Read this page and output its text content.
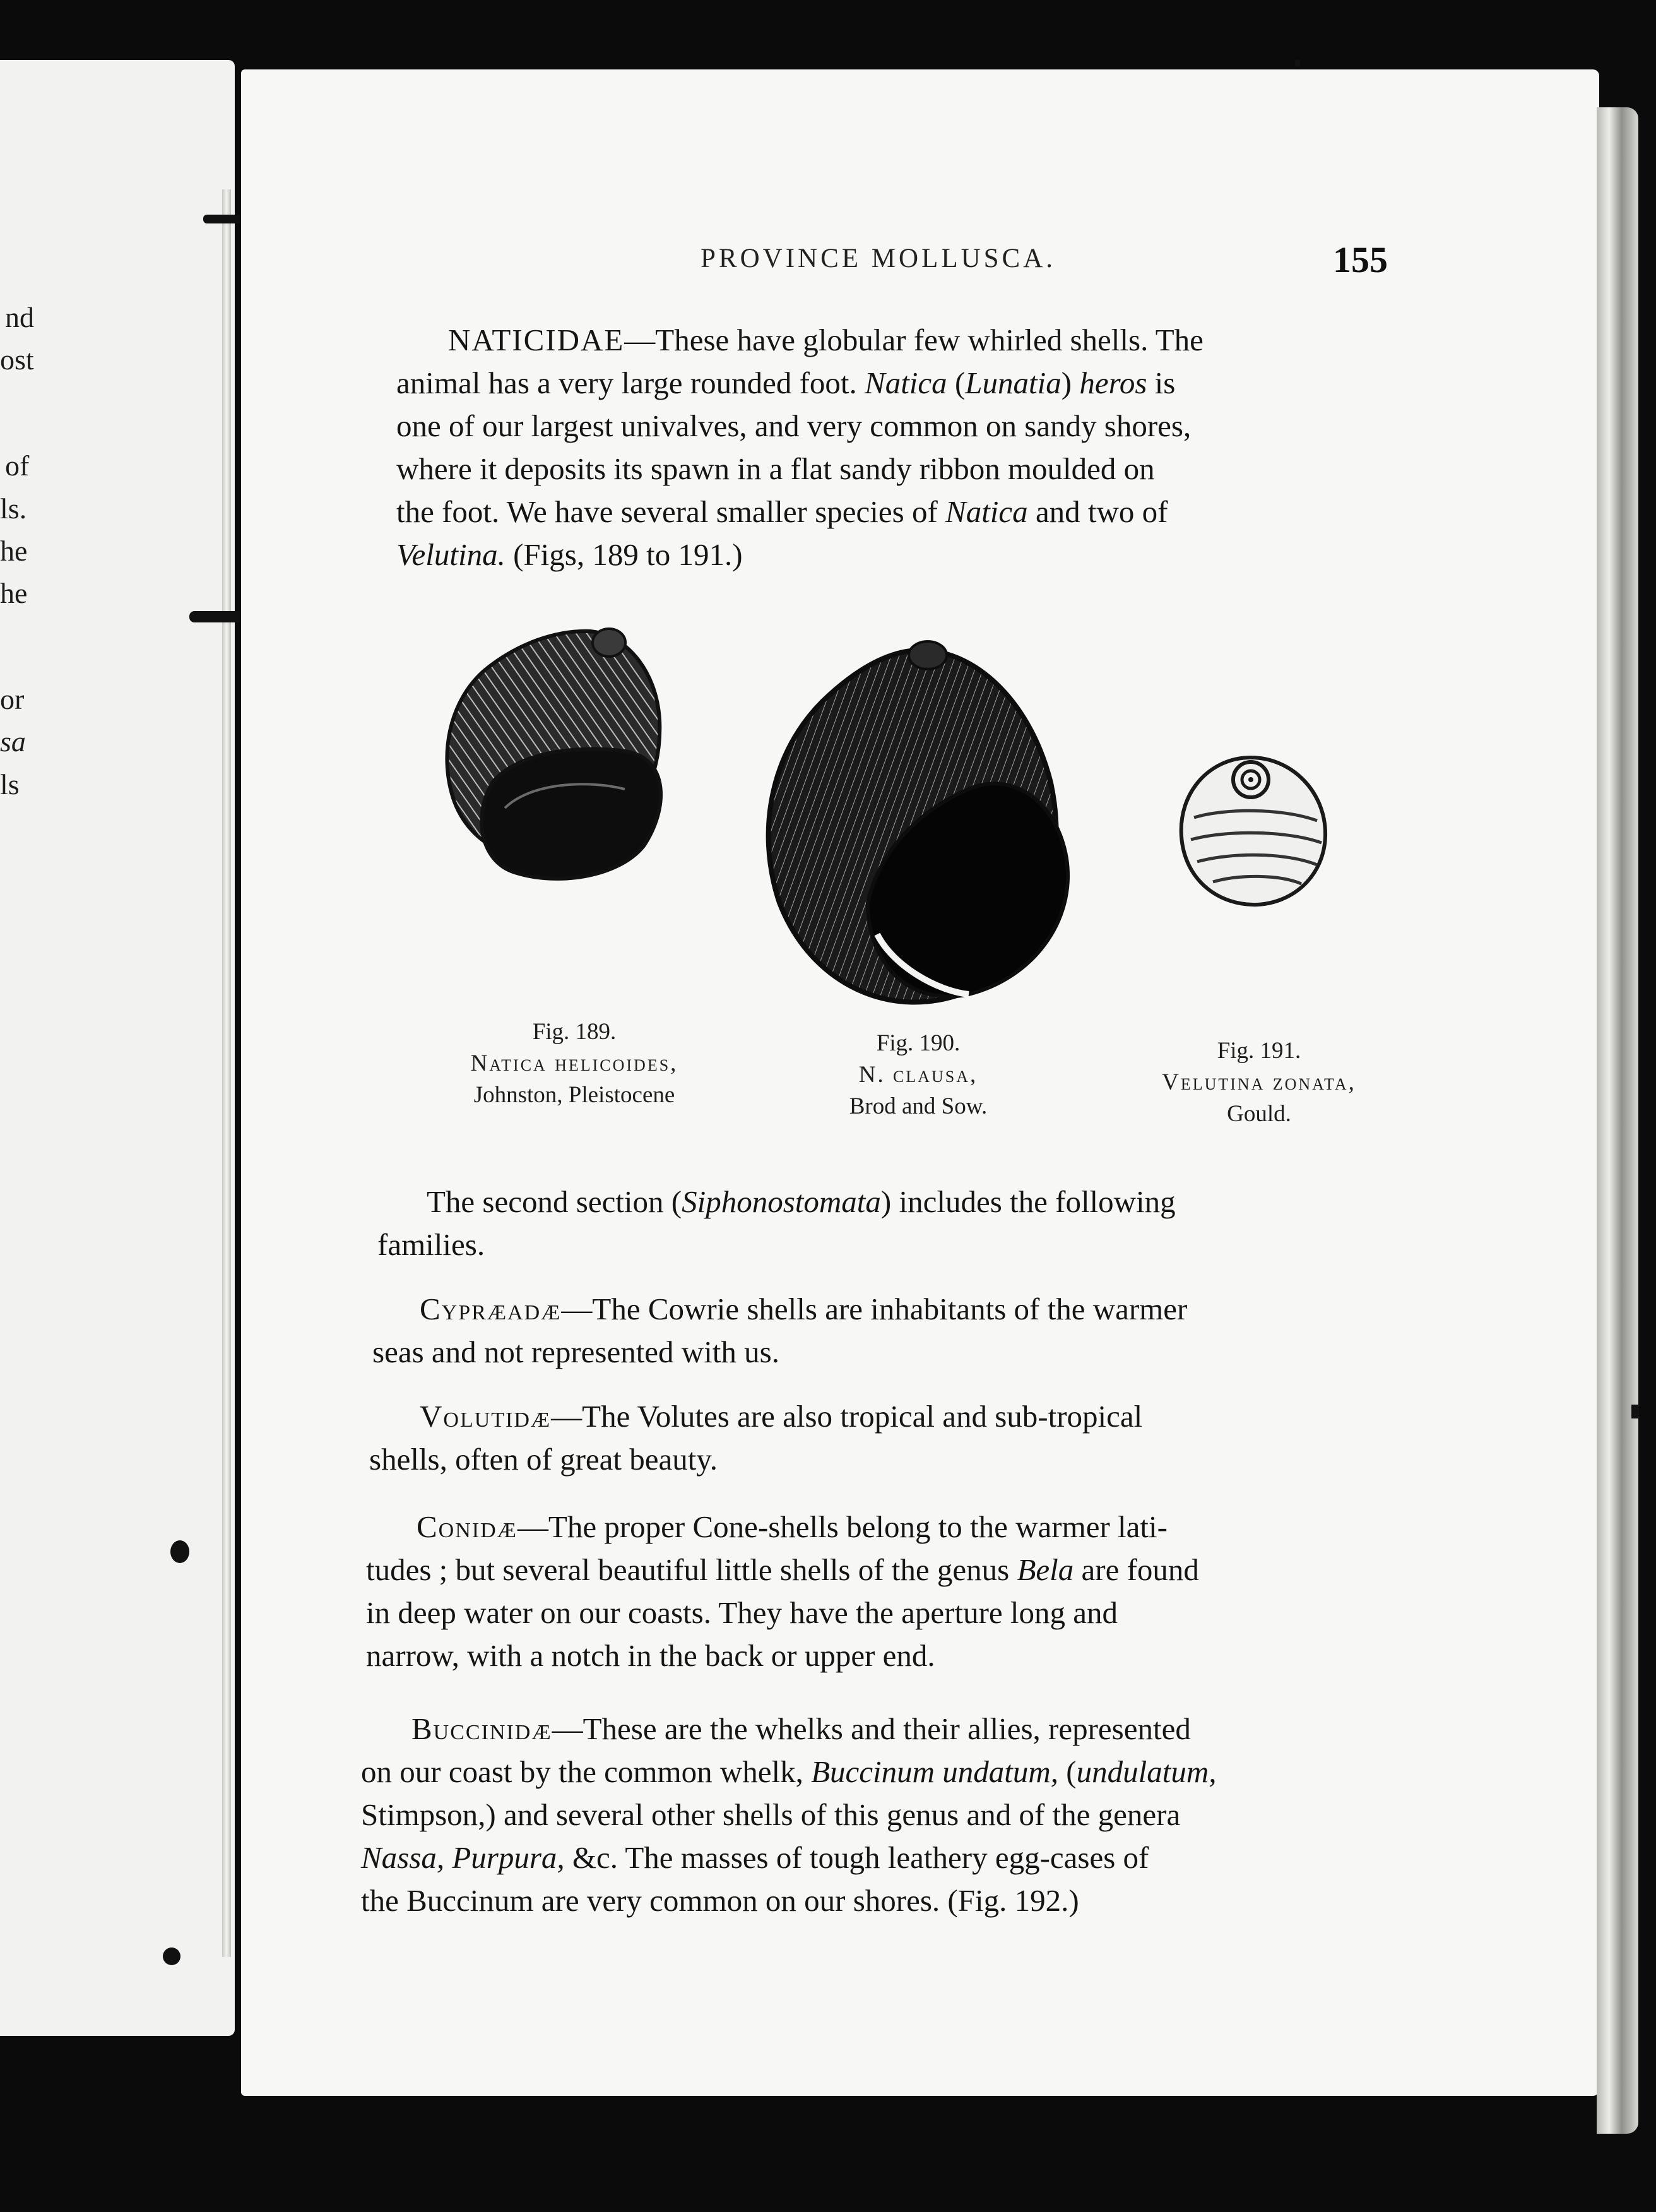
nd
ost
of
ls.
he
he
or
sa
ls
PROVINCE MOLLUSCA.	155
NATICIDAE—These have globular few whirled shells. The
animal has a very large rounded foot. Natica (Lunatia) heros is
one of our largest univalves, and very common on sandy shores,
where it deposits its spawn in a flat sandy ribbon moulded on
the foot. We have several smaller species of Natica and two of
Velutina. (Figs, 189 to 191.)
Fig. 189.
Natica helicoides,
Johnston, Pleistocene
Fig. 190.
N. clausa,
Brod and Sow.
Fig. 191.
Velutina zonata,
Gould.
The second section (Siphonostomata) includes the following
families.
Cypræadæ—The Cowrie shells are inhabitants of the warmer
seas and not represented with us.
Volutidæ—The Volutes are also tropical and sub-tropical
shells, often of great beauty.
Conidæ—The proper Cone-shells belong to the warmer lati-
tudes ; but several beautiful little shells of the genus Bela are found
in deep water on our coasts. They have the aperture long and
narrow, with a notch in the back or upper end.
Buccinidæ—These are the whelks and their allies, represented
on our coast by the common whelk, Buccinum undatum, (undulatum,
Stimpson,) and several other shells of this genus and of the genera
Nassa, Purpura, &c. The masses of tough leathery egg-cases of
the Buccinum are very common on our shores. (Fig. 192.)
